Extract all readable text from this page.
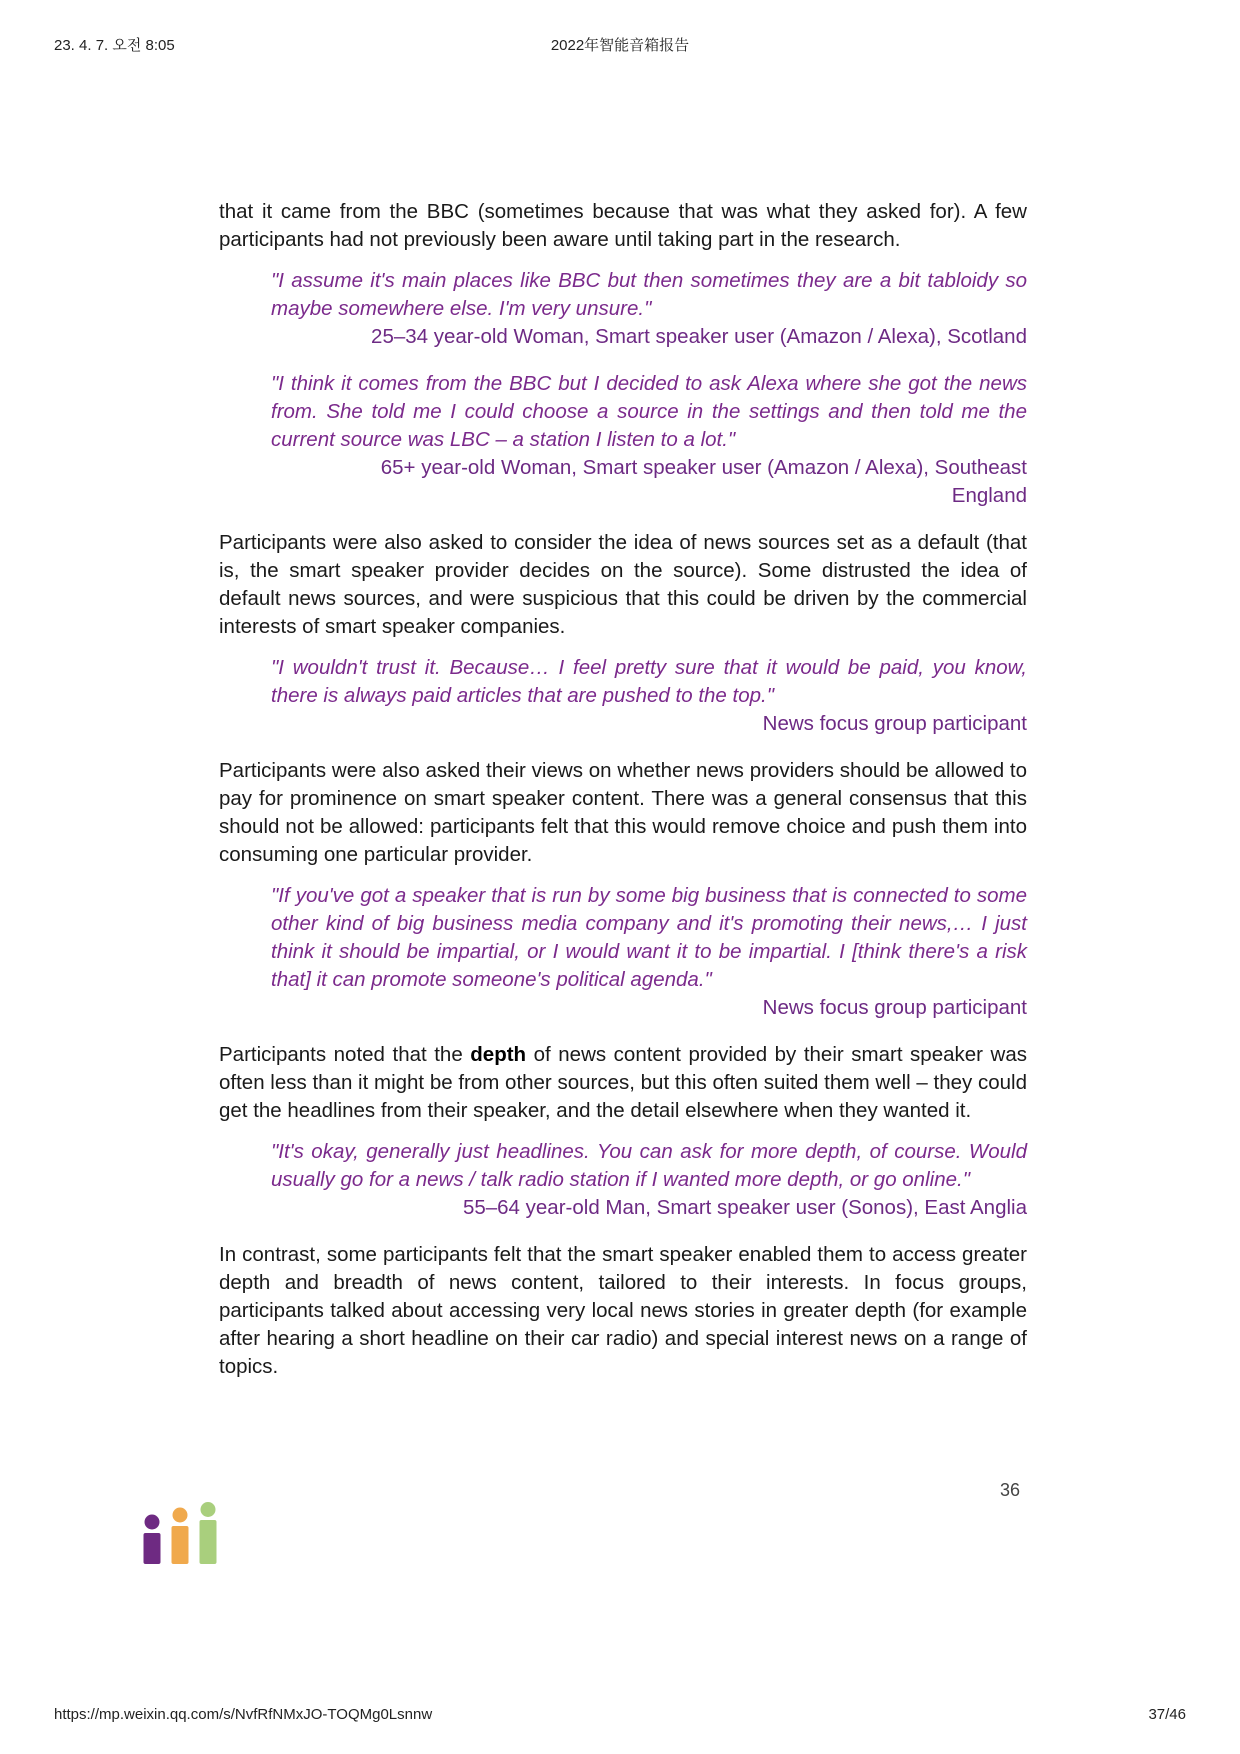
23. 4. 7. 오전 8:05	2022年智能音箱报告

that it came from the BBC (sometimes because that was what they asked for). A few participants had not previously been aware until taking part in the research.

"I assume it's main places like BBC but then sometimes they are a bit tabloidy so maybe somewhere else. I'm very unsure."

25–34 year-old Woman, Smart speaker user (Amazon / Alexa), Scotland

"I think it comes from the BBC but I decided to ask Alexa where she got the news from. She told me I could choose a source in the settings and then told me the current source was LBC – a station I listen to a lot."

65+ year-old Woman, Smart speaker user (Amazon / Alexa), Southeast England

Participants were also asked to consider the idea of news sources set as a default (that is, the smart speaker provider decides on the source). Some distrusted the idea of default news sources, and were suspicious that this could be driven by the commercial interests of smart speaker companies.

"I wouldn't trust it. Because… I feel pretty sure that it would be paid, you know, there is always paid articles that are pushed to the top."

News focus group participant

Participants were also asked their views on whether news providers should be allowed to pay for prominence on smart speaker content. There was a general consensus that this should not be allowed: participants felt that this would remove choice and push them into consuming one particular provider.

"If you've got a speaker that is run by some big business that is connected to some other kind of big business media company and it's promoting their news,… I just think it should be impartial, or I would want it to be impartial. I [think there's a risk that] it can promote someone's political agenda."

News focus group participant

Participants noted that the depth of news content provided by their smart speaker was often less than it might be from other sources, but this often suited them well – they could get the headlines from their speaker, and the detail elsewhere when they wanted it.

"It's okay, generally just headlines. You can ask for more depth, of course. Would usually go for a news / talk radio station if I wanted more depth, or go online."

55–64 year-old Man, Smart speaker user (Sonos), East Anglia

In contrast, some participants felt that the smart speaker enabled them to access greater depth and breadth of news content, tailored to their interests. In focus groups, participants talked about accessing very local news stories in greater depth (for example after hearing a short headline on their car radio) and special interest news on a range of topics.

36
https://mp.weixin.qq.com/s/NvfRfNMxJO-TOQMg0Lsnnw	37/46
